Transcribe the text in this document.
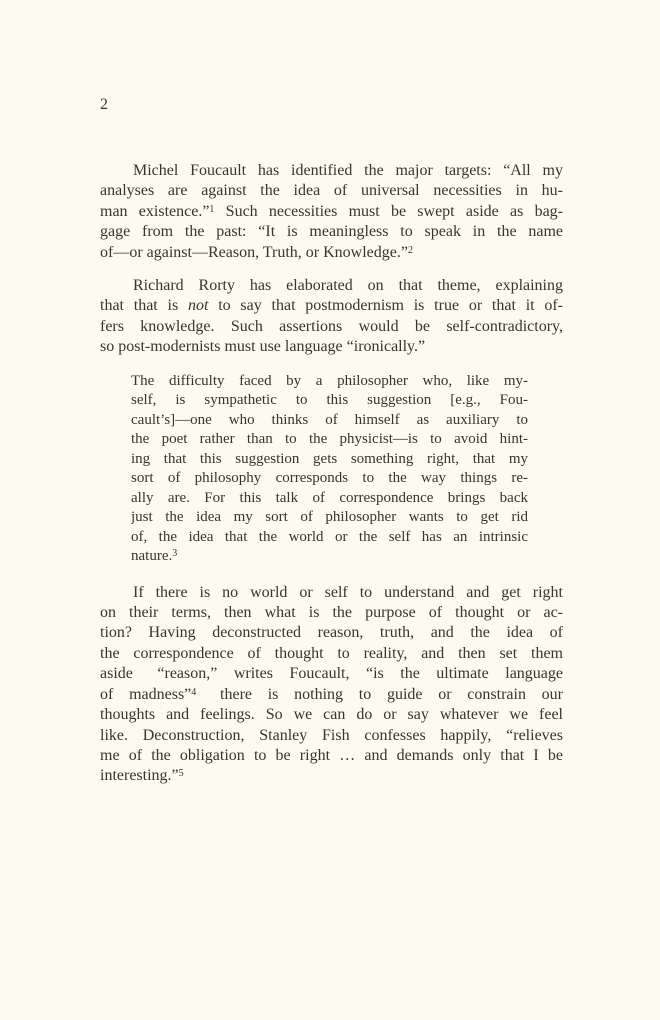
2
Michel Foucault has identified the major targets: “All my
analyses are against the idea of universal necessities in hu-
man existence.”$^1$ Such necessities must be swept aside as bag-
gage from the past: “It is meaningless to speak in the name
of—or against—Reason, Truth, or Knowledge.”$^2$
Richard Rorty has elaborated on that theme, explaining
that that is not to say that postmodernism is true or that it of-
fers knowledge. Such assertions would be self-contradictory,
so post-modernists must use language “ironically.”
The difficulty faced by a philosopher who, like my-
self, is sympathetic to this suggestion [e.g., Fou-
cault’s]—one who thinks of himself as auxiliary to
the poet rather than to the physicist—is to avoid hint-
ing that this suggestion gets something right, that my
sort of philosophy corresponds to the way things re-
ally are. For this talk of correspondence brings back
just the idea my sort of philosopher wants to get rid
of, the idea that the world or the self has an intrinsic
nature.$^3$
If there is no world or self to understand and get right
on their terms, then what is the purpose of thought or ac-
tion? Having deconstructed reason, truth, and the idea of
the correspondence of thought to reality, and then set them
aside  “reason,” writes Foucault, “is the ultimate language
of madness”$^4$  there is nothing to guide or constrain our
thoughts and feelings. So we can do or say whatever we feel
like. Deconstruction, Stanley Fish confesses happily, “relieves
me of the obligation to be right … and demands only that I be
interesting.”$^5$
